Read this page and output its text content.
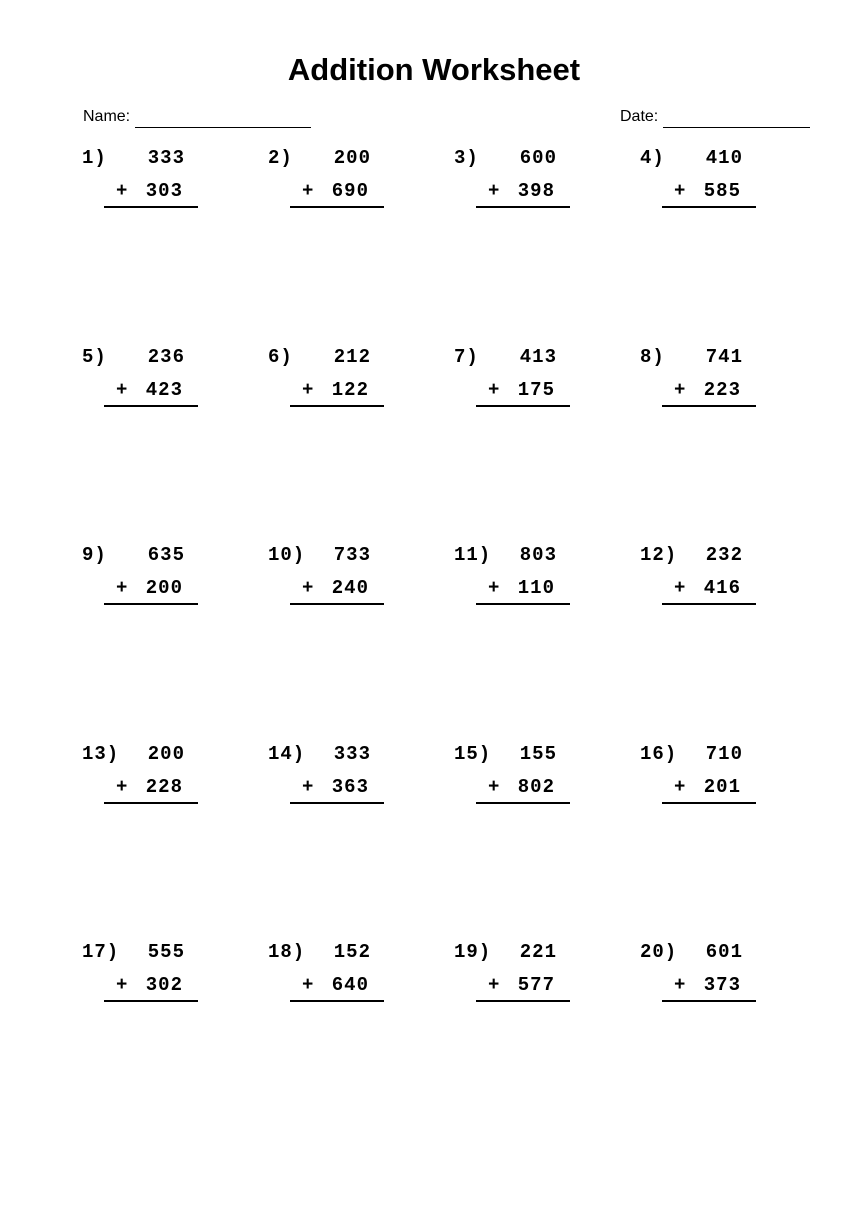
Addition Worksheet
Name:	Date:
1) 333
+ 303
2) 200
+ 690
3) 600
+ 398
4) 410
+ 585
5) 236
+ 423
6) 212
+ 122
7) 413
+ 175
8) 741
+ 223
9) 635
+ 200
10) 733
+ 240
11) 803
+ 110
12) 232
+ 416
13) 200
+ 228
14) 333
+ 363
15) 155
+ 802
16) 710
+ 201
17) 555
+ 302
18) 152
+ 640
19) 221
+ 577
20) 601
+ 373
